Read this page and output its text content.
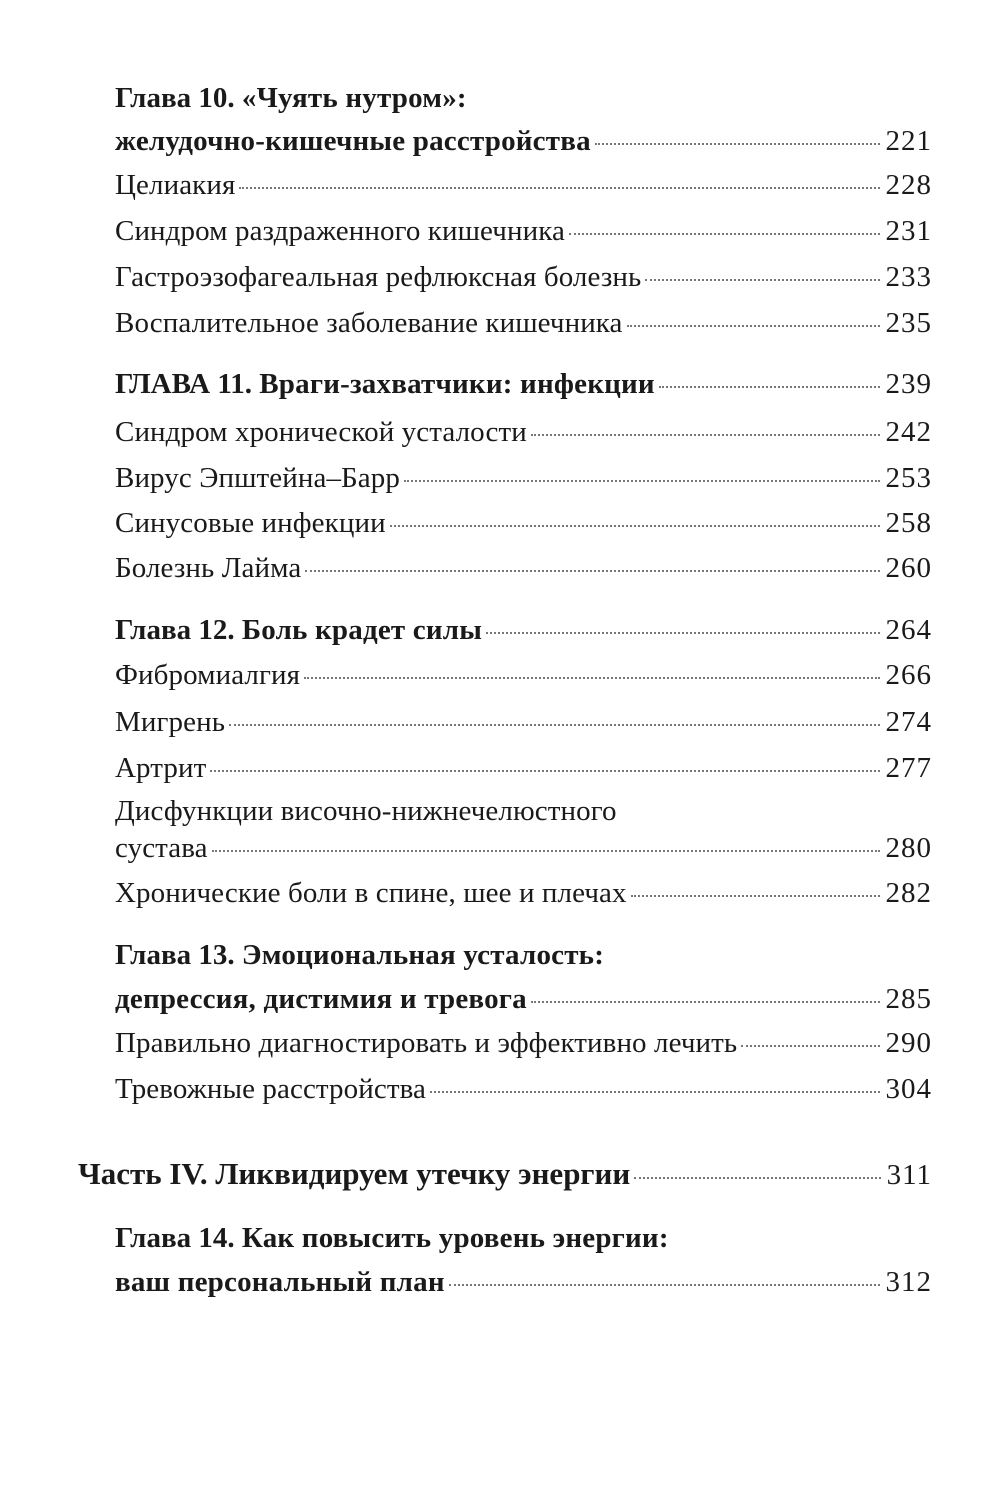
Глава 10. «Чуять нутром»:
желудочно-кишечные расстройства	221
Целиакия	228
Синдром раздраженного кишечника	231
Гастроэзофагеальная рефлюксная болезнь	233
Воспалительное заболевание кишечника	235
ГЛАВА 11. Враги-захватчики: инфекции	239
Синдром хронической усталости	242
Вирус Эпштейна–Барр	253
Синусовые инфекции	258
Болезнь Лайма	260
Глава 12. Боль крадет силы	264
Фибромиалгия	266
Мигрень	274
Артрит	277
Дисфункции височно-нижнечелюстного
сустава	280
Хронические боли в спине, шее и плечах	282
Глава 13. Эмоциональная усталость:
депрессия, дистимия и тревога	285
Правильно диагностировать и эффективно лечить	290
Тревожные расстройства	304
Часть IV. Ликвидируем утечку энергии	311
Глава 14. Как повысить уровень энергии:
ваш персональный план	312
